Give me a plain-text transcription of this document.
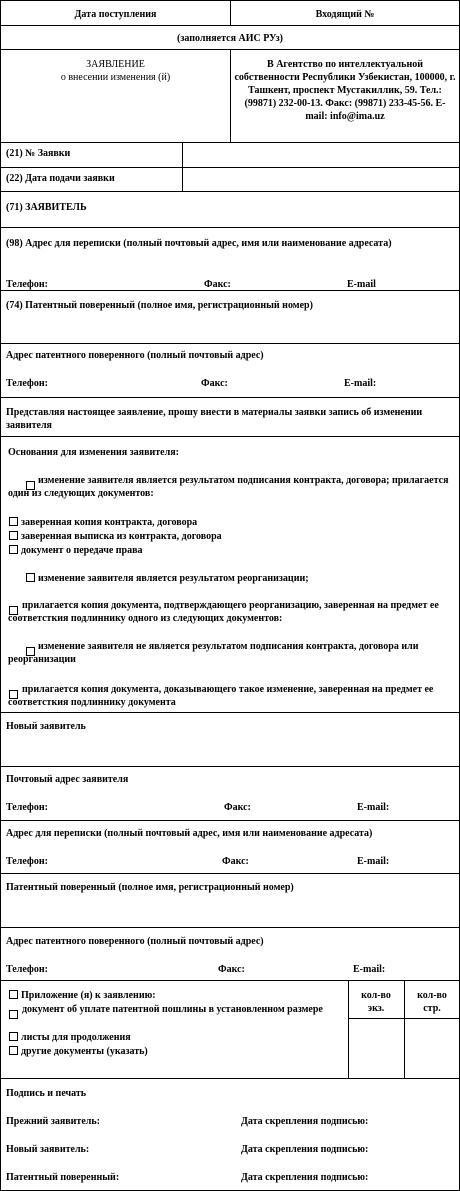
Дата поступления	Входящий №
(заполняется АИС РУз)
ЗАЯВЛЕНИЕ
о внесении изменения (й)
В Агентство по интеллектуальной собственности Республики Узбекистан, 100000, г. Ташкент, проспект Мустакиллик, 59. Тел.: (99871) 232-00-13. Факс: (99871) 233-45-56. E-mail: info@ima.uz
(21) № Заявки
(22) Дата подачи заявки
(71) ЗАЯВИТЕЛЬ
(98) Адрес для переписки (полный почтовый адрес, имя или наименование адресата)
Телефон:	Факс:	E-mail
(74) Патентный поверенный (полное имя, регистрационный номер)
Адрес патентного поверенного (полный почтовый адрес)
Телефон:	Факс:	E-mail:
Представляя настоящее заявление, прошу внести в материалы заявки запись об изменении заявителя
Основания для изменения заявителя:
изменение заявителя является результатом подписания контракта, договора; прилагается один из следующих документов:
заверенная копия контракта, договора
заверенная выписка из контракта, договора
документ о передаче права
изменение заявителя является результатом реорганизации;
прилагается копия документа, подтверждающего реорганизацию, заверенная на предмет ее соответсткия подлиннику одного из следующих документов:
изменение заявителя не является результатом подписания контракта, договора или реорганизации
прилагается копия документа, доказывающего такое изменение, заверенная на предмет ее соответсткия подлиннику документа
Новый заявитель
Почтовый адрес заявителя
Телефон:	Факс:	E-mail:
Адрес для переписки (полный почтовый адрес, имя или наименование адресата)
Телефон:	Факс:	E-mail:
Патентный поверенный (полное имя, регистрационный номер)
Адрес патентного поверенного (полный почтовый адрес)
Телефон:	Факс:	E-mail:
Приложение (я) к заявлению:
документ об уплате патентной пошлины в установленном размере
листы для продолжения
другие документы (указать)
кол-во экз.
кол-во стр.
Подпись и печать
Прежний заявитель:	Дата скрепления подписью:
Новый заявитель:	Дата скрепления подписью:
Патентный поверенный:	Дата скрепления подписью:
